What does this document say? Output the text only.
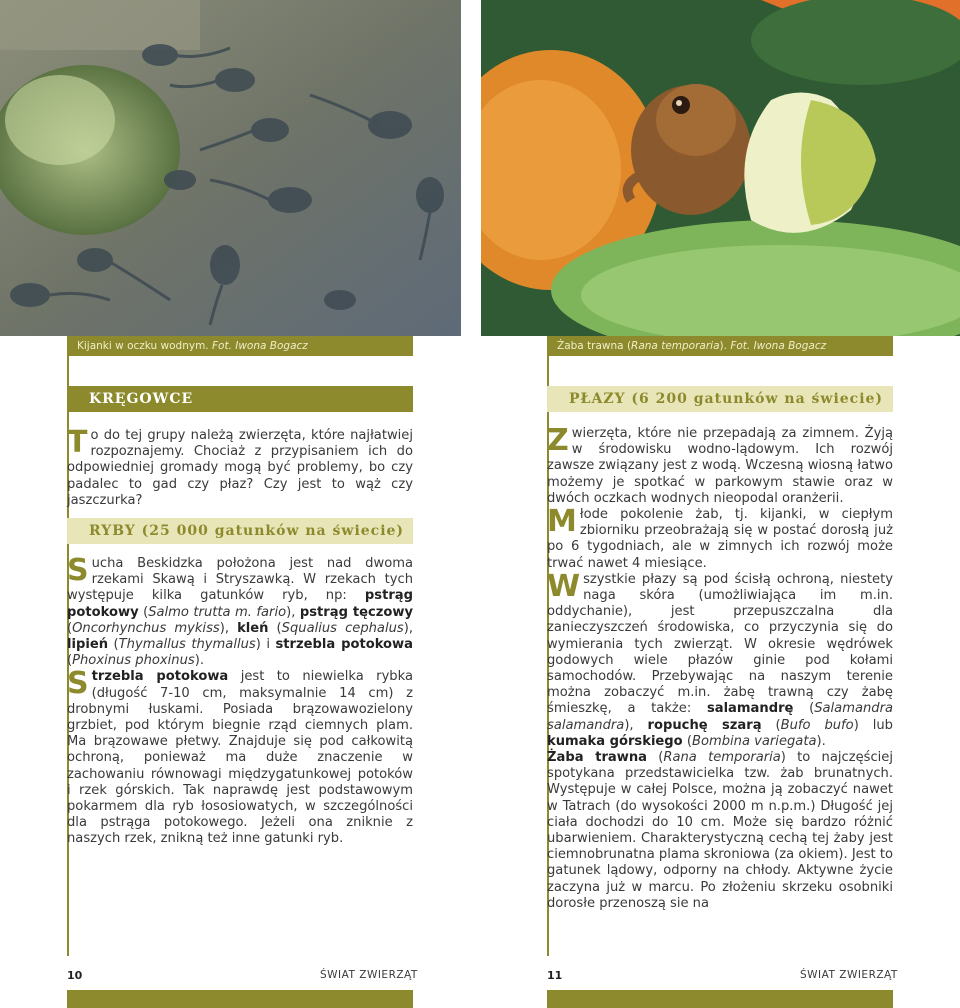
Kijanki w oczku wodnym. Fot. Iwona Bogacz	Żaba trawna (Rana temporaria). Fot. Iwona Bogacz
KRĘGOWCE

To do tej grupy należą zwierzęta, które najłatwiej rozpoznajemy. Chociaż z przypisaniem ich do odpowiedniej gromady mogą być problemy, bo czy padalec to gad czy płaz? Czy jest to wąż czy jaszczurka?

RYBY (25 000 gatunków na świecie)

Sucha Beskidzka położona jest nad dwoma rzekami Skawą i Stryszawką. W rzekach tych występuje kilka gatunków ryb, np: pstrąg potokowy (Salmo trutta m. fario), pstrąg tęczowy (Oncorhynchus mykiss), kleń (Squalius cephalus), lipień (Thymallus thymallus) i strzebla potokowa (Phoxinus phoxinus).

Strzebla potokowa jest to niewielka rybka (długość 7-10 cm, maksymalnie 14 cm) z drobnymi łuskami. Posiada brązowawozielony grzbiet, pod którym biegnie rząd ciemnych plam. Ma brązowawe płetwy. Znajduje się pod całkowitą ochroną, ponieważ ma duże znaczenie w zachowaniu równowagi międzygatunkowej potoków i rzek górskich. Tak naprawdę jest podstawowym pokarmem dla ryb łososiowatych, w szczególności dla pstrąga potokowego. Jeżeli ona zniknie z naszych rzek, znikną też inne gatunki ryb.

PŁAZY (6 200 gatunków na świecie)

Zwierzęta, które nie przepadają za zimnem. Żyją w środowisku wodno-lądowym. Ich rozwój zawsze związany jest z wodą. Wczesną wiosną łatwo możemy je spotkać w parkowym stawie oraz w dwóch oczkach wodnych nieopodal oranżerii.

Młode pokolenie żab, tj. kijanki, w ciepłym zbiorniku przeobrażają się w postać dorosłą już po 6 tygodniach, ale w zimnych ich rozwój może trwać nawet 4 miesiące.

Wszystkie płazy są pod ścisłą ochroną, niestety naga skóra (umożliwiająca im m.in. oddychanie), jest przepuszczalna dla zanieczyszczeń środowiska, co przyczynia się do wymierania tych zwierząt. W okresie wędrówek godowych wiele płazów ginie pod kołami samochodów. Przebywając na naszym terenie można zobaczyć m.in. żabę trawną czy żabę śmieszkę, a także: salamandrę (Salamandra salamandra), ropuchę szarą (Bufo bufo) lub kumaka górskiego (Bombina variegata).

Żaba trawna (Rana temporaria) to najczęściej spotykana przedstawicielka tzw. żab brunatnych. Występuje w całej Polsce, można ją zobaczyć nawet w Tatrach (do wysokości 2000 m n.p.m.) Długość jej ciała dochodzi do 10 cm. Może się bardzo różnić ubarwieniem. Charakterystyczną cechą tej żaby jest ciemnobrunatna plama skroniowa (za okiem). Jest to gatunek lądowy, odporny na chłody. Aktywne życie zaczyna już w marcu. Po złożeniu skrzeku osobniki dorosłe przenoszą sie na

10	ŚWIAT ZWIERZĄT	11	ŚWIAT ZWIERZĄT
